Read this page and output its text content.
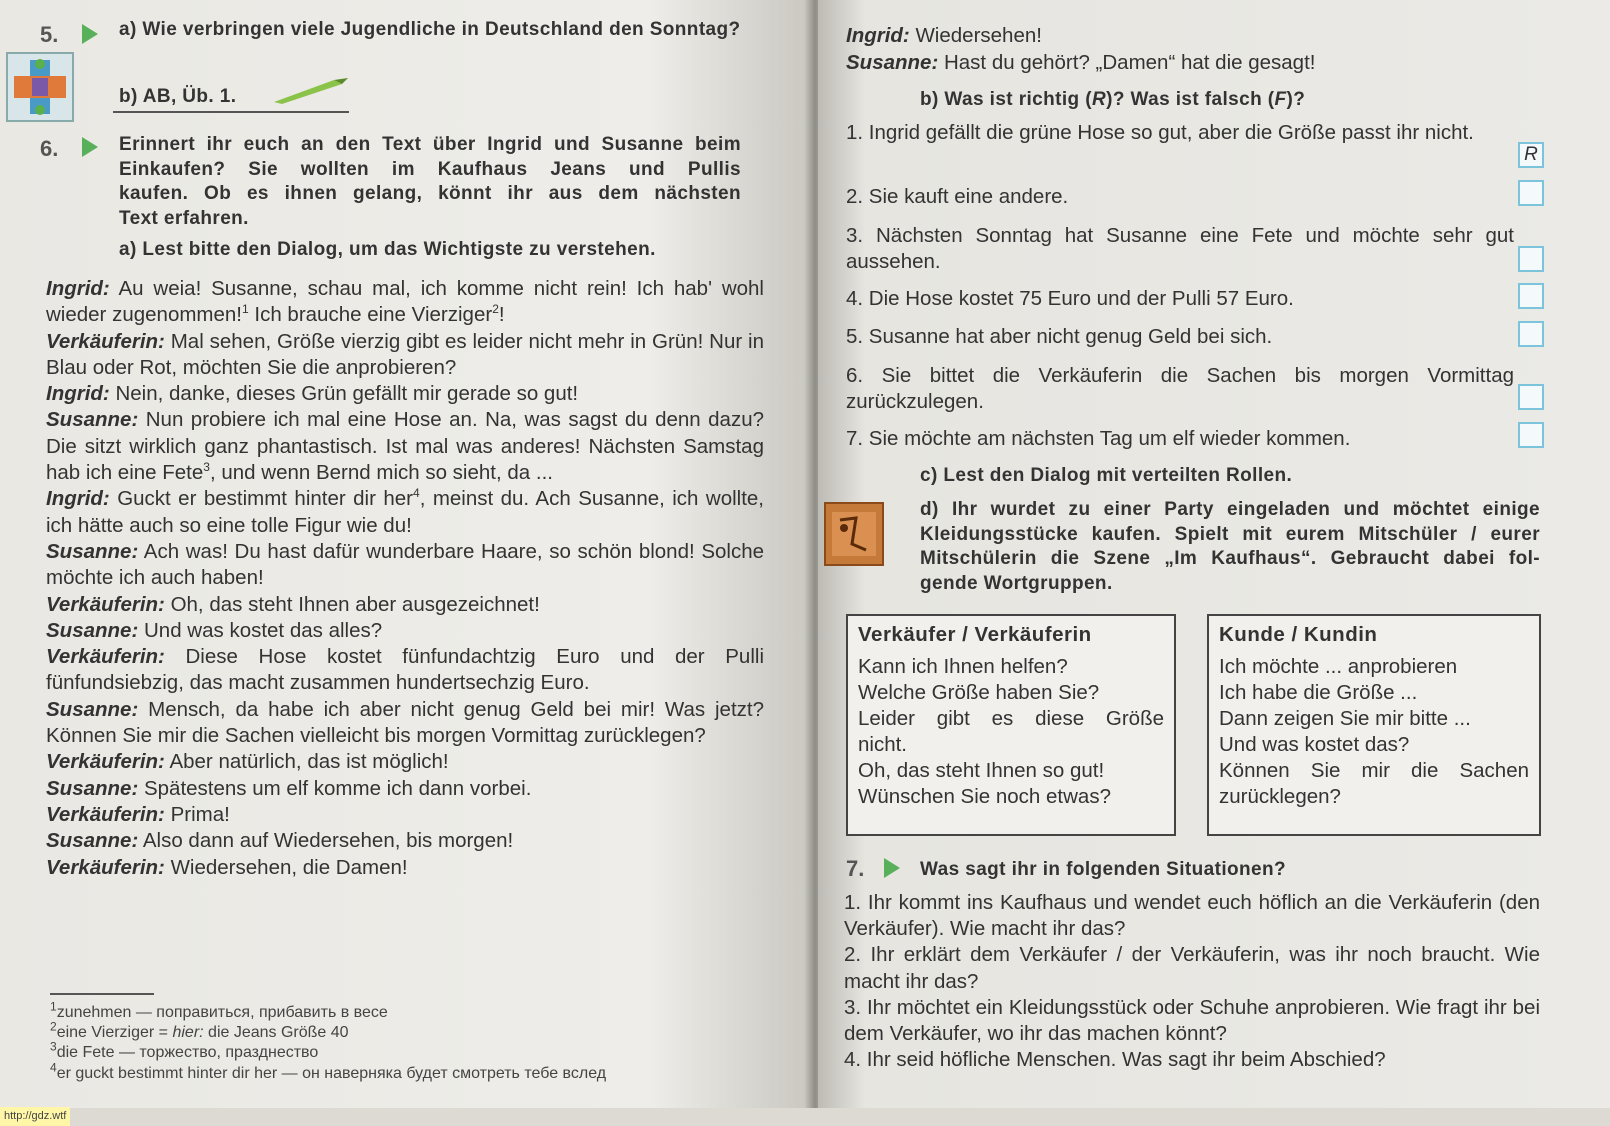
5.	a) Wie verbringen viele Jugendliche in Deutschland den Sonntag?
b) AB, Üb. 1.
6.	Erinnert ihr euch an den Text über Ingrid und Susanne beim
Einkaufen? Sie wollten im Kaufhaus Jeans und Pullis
kaufen. Ob es ihnen gelang, könnt ihr aus dem nächsten
Text erfahren.
a) Lest bitte den Dialog, um das Wichtigste zu verstehen.

Ingrid: Au weia! Susanne, schau mal, ich komme nicht rein! Ich hab' wohl wieder zugenommen!$^1$ Ich brauche eine Vierziger$^2$!

Verkäuferin: Mal sehen, Größe vierzig gibt es leider nicht mehr in Grün! Nur in Blau oder Rot, möchten Sie die anprobieren?

Ingrid: Nein, danke, dieses Grün gefällt mir gerade so gut!

Susanne: Nun probiere ich mal eine Hose an. Na, was sagst du denn dazu? Die sitzt wirklich ganz phantastisch. Ist mal was anderes! Nächsten Samstag hab ich eine Fete$^3$, und wenn Bernd mich so sieht, da ...

Ingrid: Guckt er bestimmt hinter dir her$^4$, meinst du. Ach Susanne, ich wollte, ich hätte auch so eine tolle Figur wie du!

Susanne: Ach was! Du hast dafür wunderbare Haare, so schön blond! Solche möchte ich auch haben!

Verkäuferin: Oh, das steht Ihnen aber ausgezeichnet!

Susanne: Und was kostet das alles?

Verkäuferin: Diese Hose kostet fünfundachtzig Euro und der Pulli fünfundsiebzig, das macht zusammen hundertsechzig Euro.

Susanne: Mensch, da habe ich aber nicht genug Geld bei mir! Was jetzt? Können Sie mir die Sachen vielleicht bis morgen Vormittag zurücklegen?

Verkäuferin: Aber natürlich, das ist möglich!

Susanne: Spätestens um elf komme ich dann vorbei.

Verkäuferin: Prima!

Susanne: Also dann auf Wiedersehen, bis morgen!

Verkäuferin: Wiedersehen, die Damen!

$^1$zunehmen — поправиться, прибавить в весе
$^2$eine Vierziger = hier: die Jeans Größe 40
$^3$die Fete — торжество, празднество
$^4$er guckt bestimmt hinter dir her — он наверняка будет смотреть тебе вслед
Ingrid: Wiedersehen!
Susanne: Hast du gehört? „Damen“ hat die gesagt!
b) Was ist richtig (R)? Was ist falsch (F)?
1. Ingrid gefällt die grüne Hose so gut, aber die Größe passt ihr nicht.
2. Sie kauft eine andere.
3. Nächsten Sonntag hat Susanne eine Fete und möchte sehr gut aussehen.
4. Die Hose kostet 75 Euro und der Pulli 57 Euro.
5. Susanne hat aber nicht genug Geld bei sich.
6. Sie bittet die Verkäuferin die Sachen bis morgen Vormittag zurückzulegen.
7. Sie möchte am nächsten Tag um elf wieder kommen.
R
c) Lest den Dialog mit verteilten Rollen.
d) Ihr wurdet zu einer Party eingeladen und möchtet einige
Kleidungsstücke kaufen. Spielt mit eurem Mitschüler / eurer
Mitschülerin die Szene „Im Kaufhaus“. Gebraucht dabei fol-
gende Wortgruppen.
Verkäufer / Verkäuferin
Kann ich Ihnen helfen?
Welche Größe haben Sie?
Leider gibt es diese Größe
nicht.
Oh, das steht Ihnen so gut!
Wünschen Sie noch etwas?
Kunde / Kundin
Ich möchte ... anprobieren
Ich habe die Größe ...
Dann zeigen Sie mir bitte ...
Und was kostet das?
Können Sie mir die Sachen
zurücklegen?
7.	Was sagt ihr in folgenden Situationen?

1. Ihr kommt ins Kaufhaus und wendet euch höflich an die Verkäuferin (den Verkäufer). Wie macht ihr das?

2. Ihr erklärt dem Verkäufer / der Verkäuferin, was ihr noch braucht. Wie macht ihr das?

3. Ihr möchtet ein Kleidungsstück oder Schuhe anprobieren. Wie fragt ihr bei dem Verkäufer, wo ihr das machen könnt?

4. Ihr seid höfliche Menschen. Was sagt ihr beim Abschied?

http://gdz.wtf
